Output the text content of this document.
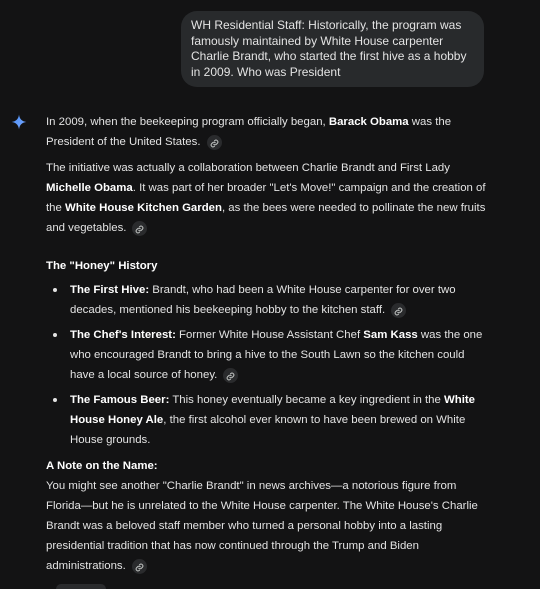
WH Residential Staff: Historically, the program was famously maintained by White House carpenter Charlie Brandt, who started the first hive as a hobby in 2009. Who was President

In 2009, when the beekeeping program officially began, Barack Obama was the President of the United States.

The initiative was actually a collaboration between Charlie Brandt and First Lady Michelle Obama. It was part of her broader "Let's Move!" campaign and the creation of the White House Kitchen Garden, as the bees were needed to pollinate the new fruits and vegetables.

The "Honey" History

The First Hive: Brandt, who had been a White House carpenter for over two decades, mentioned his beekeeping hobby to the kitchen staff.
The Chef's Interest: Former White House Assistant Chef Sam Kass was the one who encouraged Brandt to bring a hive to the South Lawn so the kitchen could have a local source of honey.
The Famous Beer: This honey eventually became a key ingredient in the White House Honey Ale, the first alcohol ever known to have been brewed on White House grounds.

A Note on the Name:

You might see another "Charlie Brandt" in news archives—a notorious figure from Florida—but he is unrelated to the White House carpenter. The White House's Charlie Brandt was a beloved staff member who turned a personal hobby into a lasting presidential tradition that has now continued through the Trump and Biden administrations.
